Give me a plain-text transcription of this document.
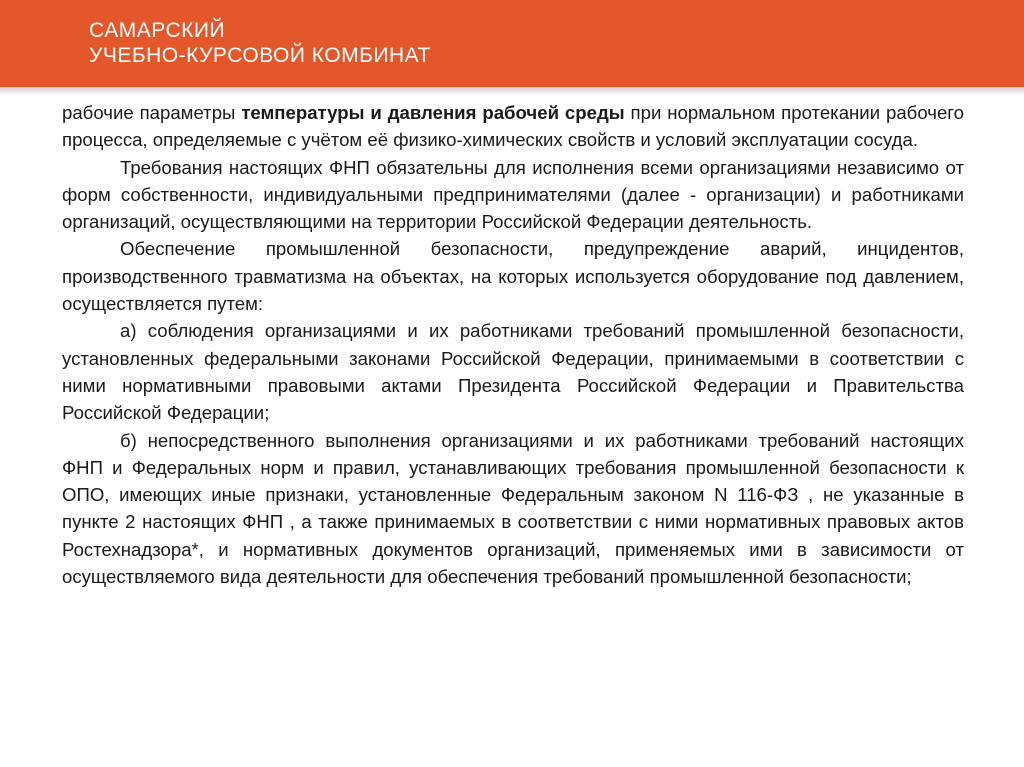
САМАРСКИЙ
УЧЕБНО-КУРСОВОЙ КОМБИНАТ

рабочие параметры температуры и давления рабочей среды при нормальном протекании рабочего процесса, определяемые с учётом её физико-химических свойств и условий эксплуатации сосуда.

Требования настоящих ФНП обязательны для исполнения всеми организациями независимо от форм собственности, индивидуальными предпринимателями (далее - организации) и работниками организаций, осуществляющими на территории Российской Федерации деятельность.

Обеспечение промышленной безопасности, предупреждение аварий, инцидентов, производственного травматизма на объектах, на которых используется оборудование под давлением, осуществляется путем:

а) соблюдения организациями и их работниками требований промышленной безопасности, установленных федеральными законами Российской Федерации, принимаемыми в соответствии с ними нормативными правовыми актами Президента Российской Федерации и Правительства Российской Федерации;

б) непосредственного выполнения организациями и их работниками требований настоящих ФНП и Федеральных норм и правил, устанавливающих требования промышленной безопасности к ОПО, имеющих иные признаки, установленные Федеральным законом N 116-ФЗ , не указанные в пункте 2 настоящих ФНП , а также принимаемых в соответствии с ними нормативных правовых актов Ростехнадзора*, и нормативных документов организаций, применяемых ими в зависимости от осуществляемого вида деятельности для обеспечения требований промышленной безопасности;
